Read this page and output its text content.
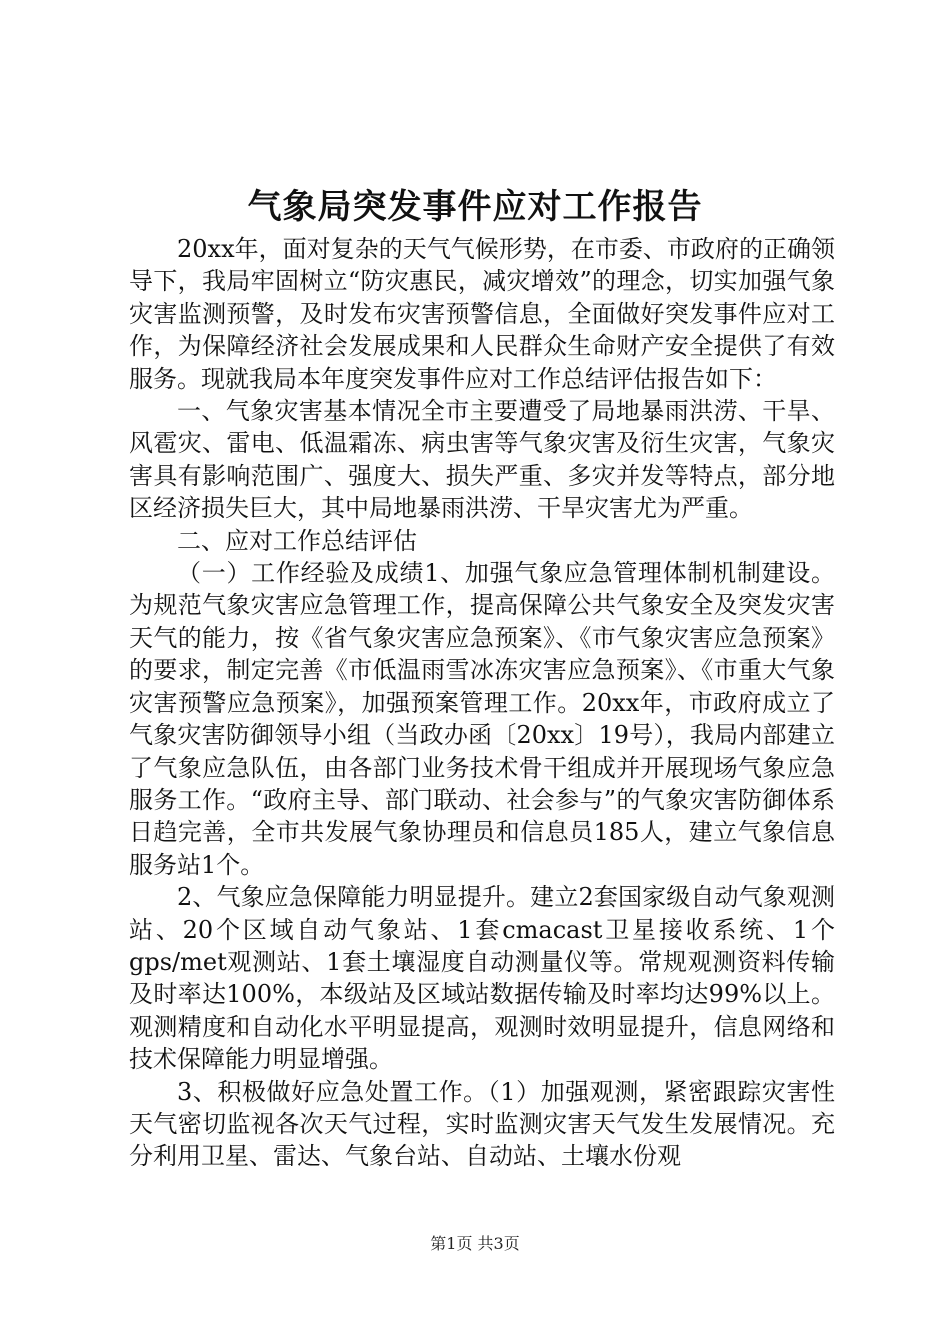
气象局突发事件应对工作报告

20xx年，面对复杂的天气气候形势，在市委、市政府的正确领导下，我局牢固树立“防灾惠民，减灾增效”的理念，切实加强气象灾害监测预警，及时发布灾害预警信息，全面做好突发事件应对工作，为保障经济社会发展成果和人民群众生命财产安全提供了有效服务。现就我局本年度突发事件应对工作总结评估报告如下：

一、气象灾害基本情况全市主要遭受了局地暴雨洪涝、干旱、风雹灾、雷电、低温霜冻、病虫害等气象灾害及衍生灾害，气象灾害具有影响范围广、强度大、损失严重、多灾并发等特点，部分地区经济损失巨大，其中局地暴雨洪涝、干旱灾害尤为严重。

二、应对工作总结评估

（一）工作经验及成绩1、加强气象应急管理体制机制建设。为规范气象灾害应急管理工作，提高保障公共气象安全及突发灾害天气的能力，按《省气象灾害应急预案》、《市气象灾害应急预案》的要求，制定完善《市低温雨雪冰冻灾害应急预案》、《市重大气象灾害预警应急预案》，加强预案管理工作。20xx年，市政府成立了气象灾害防御领导小组（当政办函〔20xx〕19号），我局内部建立了气象应急队伍，由各部门业务技术骨干组成并开展现场气象应急服务工作。“政府主导、部门联动、社会参与”的气象灾害防御体系日趋完善，全市共发展气象协理员和信息员185人，建立气象信息服务站1个。

2、气象应急保障能力明显提升。建立2套国家级自动气象观测站、20个区域自动气象站、1套cmacast卫星接收系统、1个gps/met观测站、1套土壤湿度自动测量仪等。常规观测资料传输及时率达100%，本级站及区域站数据传输及时率均达99%以上。观测精度和自动化水平明显提高，观测时效明显提升，信息网络和技术保障能力明显增强。

3、积极做好应急处置工作。（1）加强观测，紧密跟踪灾害性天气密切监视各次天气过程，实时监测灾害天气发生发展情况。充分利用卫星、雷达、气象台站、自动站、土壤水份观

第1页 共3页
